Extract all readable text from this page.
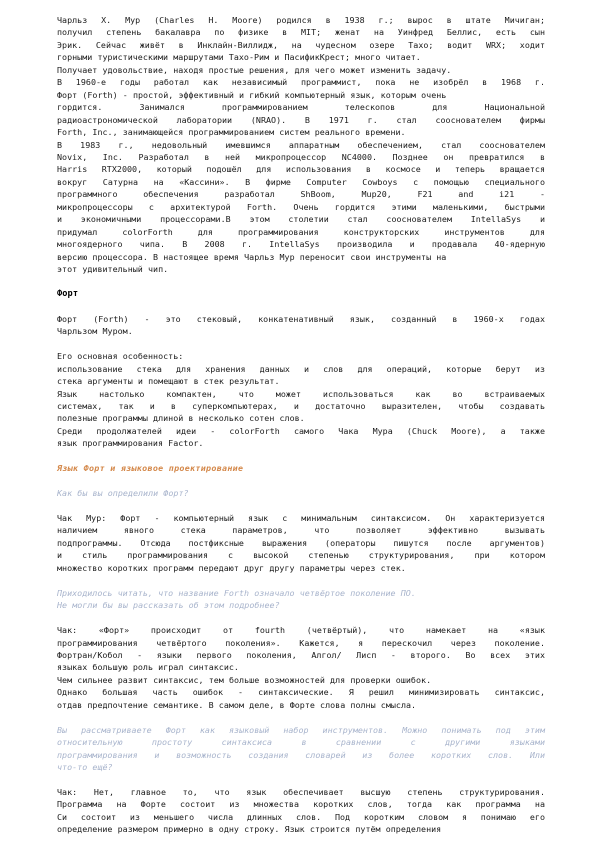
Чарльз Х. Мур (Charles H. Moore) родился в 1938 г.; вырос в штате Мичиган;
получил степень бакалавра по физике в MIT; женат на Уинфред Беллис, есть сын
Эрик. Сейчас живёт в Инклайн-Виллидж, на чудесном озере Тахо; водит WRX; ходит
горными туристическими маршрутами Тахо-Рим и ПасификКрест; много читает.
Получает удовольствие, находя простые решения, для чего может изменить задачу.
В 1960-е годы работал как независимый программист, пока не изобрёл в 1968 г.
Форт (Forth) - простой, эффективный и гибкий компьютерный язык, которым очень
гордится. Занимался программированием телескопов для Национальной
радиоастрономической лаборатории (NRAO). В 1971 г. стал сооснователем фирмы
Forth, Inc., занимающейся программированием систем реального времени.
В 1983 г., недовольный имевшимся аппаратным обеспечением, стал сооснователем
Novix, Inc. Разработал в ней микропроцессор NC4000. Позднее он превратился в
Harris RTX2000, который подошёл для использования в космосе и теперь вращается
вокруг Сатурна на «Кассини». В фирме Computer Cowboys с помощью специального
программного обеспечения разработал ShBoom, Mup20, F21 and i21 -
микропроцессоры с архитектурой Forth. Очень гордится этими маленькими, быстрыми
и экономичными процессорами.В этом столетии стал сооснователем IntellaSys и
придумал colorForth для программирования конструкторских инструментов для
многоядерного чипа. В 2008 г. IntellaSys производила и продавала 40-ядерную
версию процессора. В настоящее время Чарльз Мур переносит свои инструменты на
этот удивительный чип.
Форт
Форт (Forth) - это стековый, конкатенативный язык, созданный в 1960-х годах
Чарльзом Муром.
Его основная особенность:
использование стека для хранения данных и слов для операций, которые берут из
стека аргументы и помещают в стек результат.
Язык настолько компактен, что может использоваться как во встраиваемых
системах, так и в суперкомпьютерах, и достаточно выразителен, чтобы создавать
полезные программы длиной в несколько сотен слов.
Среди продолжателей идеи - colorForth самого Чака Мура (Chuck Moore), а также
язык программирования Factor.
Язык Форт и языковое проектирование
Как бы вы определили Форт?
Чак Мур: Форт - компьютерный язык с минимальным синтаксисом. Он характеризуется
наличием явного стека параметров, что позволяет эффективно вызывать
подпрограммы. Отсюда постфиксные выражения (операторы пишутся после аргументов)
и стиль программирования с высокой степенью структурирования, при котором
множество коротких программ передают друг другу параметры через стек.
Приходилось читать, что название Forth означало четвёртое поколение ПО.
Не могли бы вы рассказать об этом подробнее?
Чак: «Форт» происходит от fourth (четвёртый), что намекает на «язык
программирования четвёртого поколения». Кажется, я перескочил через поколение.
Фортран/Кобол - языки первого поколения, Алгол/ Лисп - второго. Во всех этих
языках большую роль играл синтаксис.
Чем сильнее развит синтаксис, тем больше возможностей для проверки ошибок.
Однако большая часть ошибок - синтаксические. Я решил минимизировать синтаксис,
отдав предпочтение семантике. В самом деле, в Форте слова полны смысла.
Вы рассматриваете Форт как языковый набор инструментов. Можно понимать под этим
относительную простоту синтаксиса в сравнении с другими языками
программирования и возможность создания словарей из более коротких слов. Или
что-то ещё?
Чак: Нет, главное то, что язык обеспечивает высшую степень структурирования.
Программа на Форте состоит из множества коротких слов, тогда как программа на
Си состоит из меньшего числа длинных слов. Под коротким словом я понимаю его
определение размером примерно в одну строку. Язык строится путём определения
